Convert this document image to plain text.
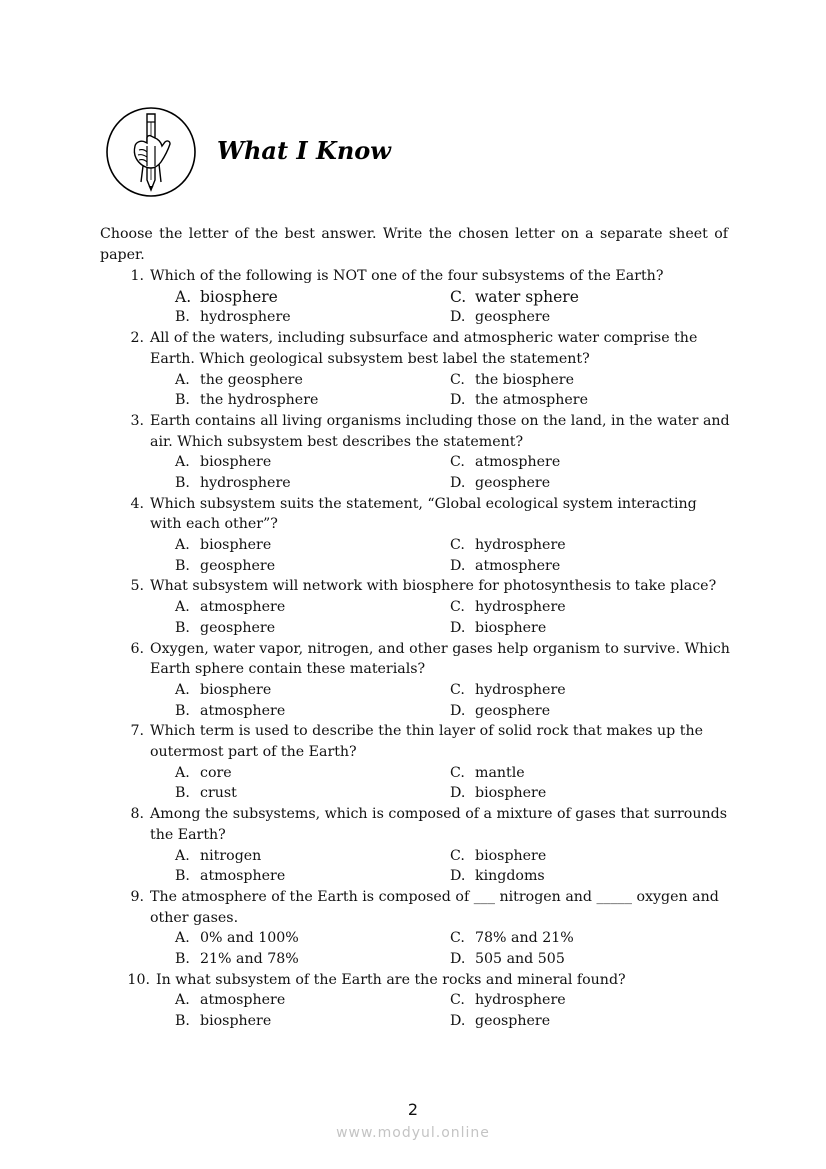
What I Know
Choose the letter of the best answer. Write the chosen letter on a separate sheet of paper.
1. Which of the following is NOT one of the four subsystems of the Earth?
A. biosphere	C. water sphere
B. hydrosphere	D. geosphere
2. All of the waters, including subsurface and atmospheric water comprise the Earth. Which geological subsystem best label the statement?
A. the geosphere	C. the biosphere
B. the hydrosphere	D. the atmosphere
3. Earth contains all living organisms including those on the land, in the water and air. Which subsystem best describes the statement?
A. biosphere	C. atmosphere
B. hydrosphere	D. geosphere
4. Which subsystem suits the statement, “Global ecological system interacting with each other”?
A. biosphere	C. hydrosphere
B. geosphere	D. atmosphere
5. What subsystem will network with biosphere for photosynthesis to take place?
A. atmosphere	C. hydrosphere
B. geosphere	D. biosphere
6. Oxygen, water vapor, nitrogen, and other gases help organism to survive. Which Earth sphere contain these materials?
A. biosphere	C. hydrosphere
B. atmosphere	D. geosphere
7. Which term is used to describe the thin layer of solid rock that makes up the outermost part of the Earth?
A. core	C. mantle
B. crust	D. biosphere
8. Among the subsystems, which is composed of a mixture of gases that surrounds the Earth?
A. nitrogen	C. biosphere
B. atmosphere	D. kingdoms
9. The atmosphere of the Earth is composed of ___ nitrogen and _____ oxygen and other gases.
A. 0% and 100%	C. 78% and 21%
B. 21% and 78%	D. 505 and 505
10. In what subsystem of the Earth are the rocks and mineral found?
A. atmosphere	C. hydrosphere
B. biosphere	D. geosphere
2
www.modyul.online
